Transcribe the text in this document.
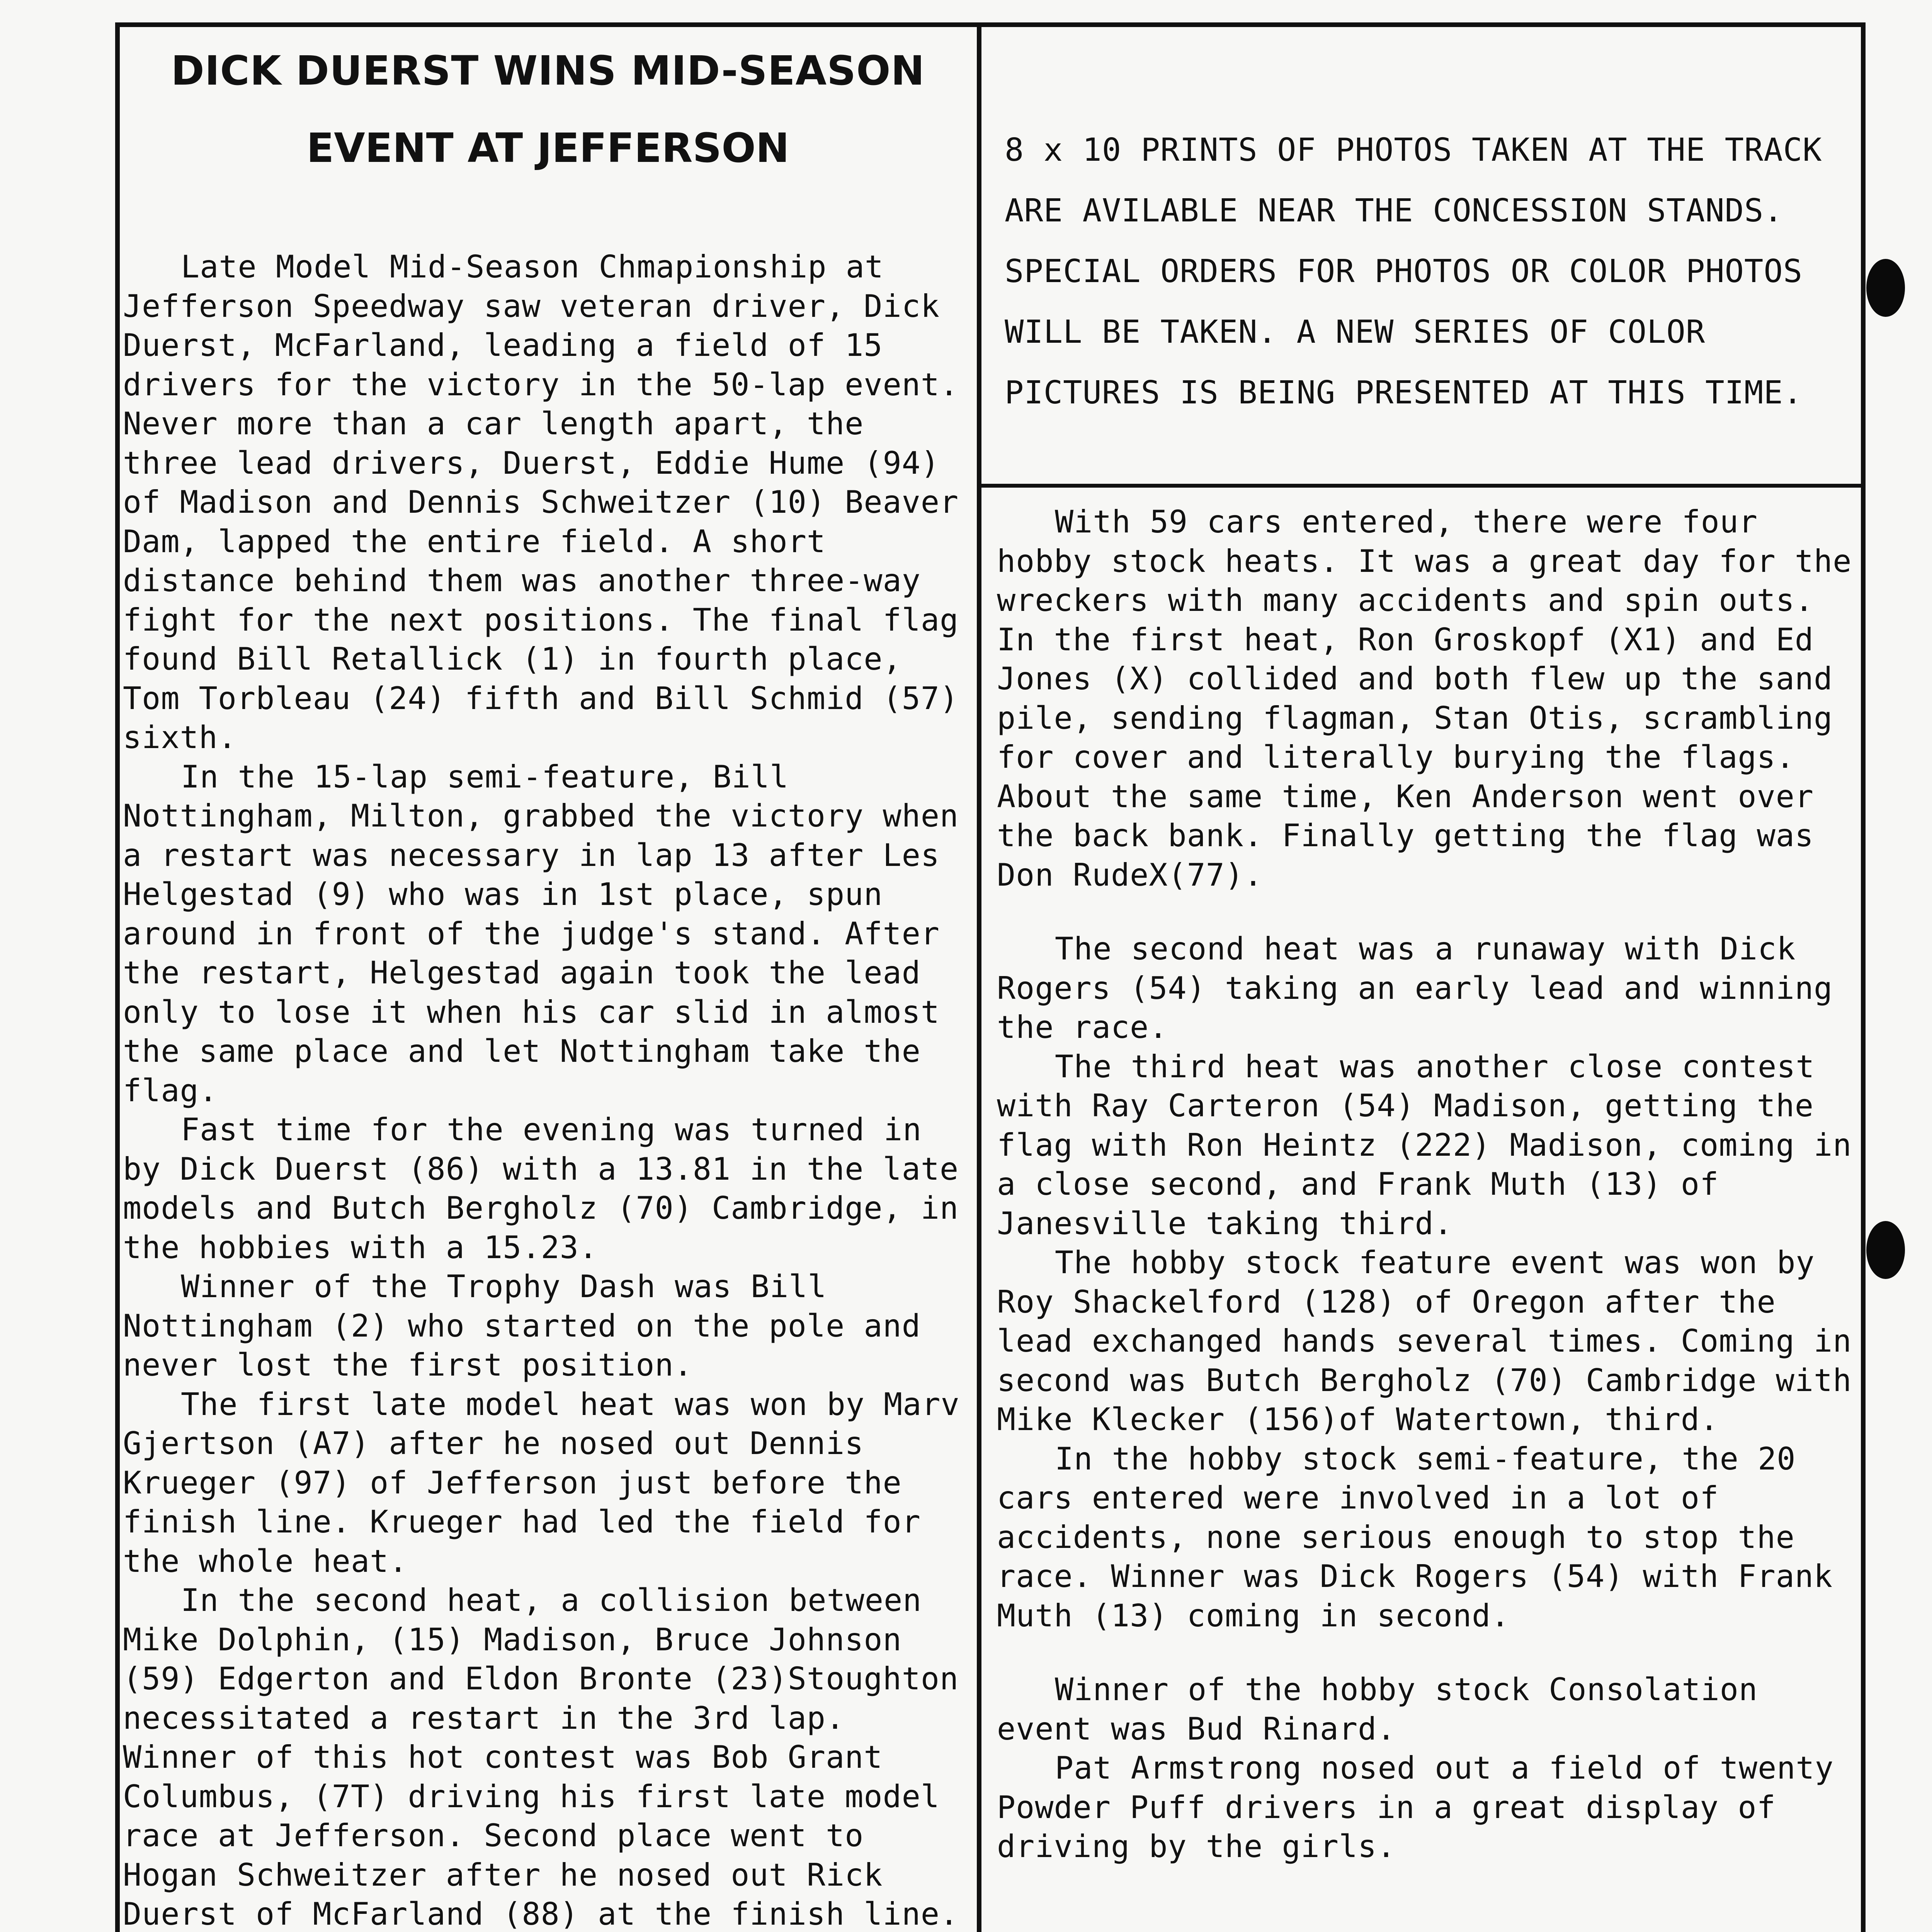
DICK DUERST WINS MID-SEASON
EVENT AT JEFFERSON

Late Model Mid-Season Chmapionship at Jefferson Speedway saw veteran driver, Dick Duerst, McFarland, leading a field of 15 drivers for the victory in the 50-lap event. Never more than a car length apart, the three lead drivers, Duerst, Eddie Hume (94) of Madison and Dennis Schweitzer (10) Beaver Dam, lapped the entire field. A short distance behind them was another three-way fight for the next positions. The final flag found Bill Retallick (1) in fourth place, Tom Torbleau (24) fifth and Bill Schmid (57) sixth.

In the 15-lap semi-feature, Bill Nottingham, Milton, grabbed the victory when a restart was necessary in lap 13 after Les Helgestad (9) who was in 1st place, spun around in front of the judge's stand. After the restart, Helgestad again took the lead only to lose it when his car slid in almost the same place and let Nottingham take the flag.

Fast time for the evening was turned in by Dick Duerst (86) with a 13.81 in the late models and Butch Bergholz (70) Cambridge, in the hobbies with a 15.23.

Winner of the Trophy Dash was Bill Nottingham (2) who started on the pole and never lost the first position.

The first late model heat was won by Marv Gjertson (A7) after he nosed out Dennis Krueger (97) of Jefferson just before the finish line. Krueger had led the field for the whole heat.

In the second heat, a collision between Mike Dolphin, (15) Madison, Bruce Johnson (59) Edgerton and Eldon Bronte (23)Stoughton necessitated a restart in the 3rd lap. Winner of this hot contest was Bob Grant Columbus, (7T) driving his first late model race at Jefferson. Second place went to Hogan Schweitzer after he nosed out Rick Duerst of McFarland (88) at the finish line.

8 x 10 PRINTS OF PHOTOS TAKEN AT THE TRACK

ARE AVILABLE NEAR THE CONCESSION STANDS.

SPECIAL ORDERS FOR PHOTOS OR COLOR PHOTOS

WILL BE TAKEN. A NEW SERIES OF COLOR

PICTURES IS BEING PRESENTED AT THIS TIME.

With 59 cars entered, there were four hobby stock heats. It was a great day for the wreckers with many accidents and spin outs. In the first heat, Ron Groskopf (X1) and Ed Jones (X) collided and both flew up the sand pile, sending flagman, Stan Otis, scrambling for cover and literally burying the flags. About the same time, Ken Anderson went over the back bank. Finally getting the flag was Don RudeX(77).

The second heat was a runaway with Dick Rogers (54) taking an early lead and winning the race.

The third heat was another close contest with Ray Carteron (54) Madison, getting the flag with Ron Heintz (222) Madison, coming in a close second, and Frank Muth (13) of Janesville taking third.

The hobby stock feature event was won by Roy Shackelford (128) of Oregon after the lead exchanged hands several times. Coming in second was Butch Bergholz (70) Cambridge with Mike Klecker (156)of Watertown, third.

In the hobby stock semi-feature, the 20 cars entered were involved in a lot of accidents, none serious enough to stop the race. Winner was Dick Rogers (54) with Frank Muth (13) coming in second.

Winner of the hobby stock Consolation event was Bud Rinard.

Pat Armstrong nosed out a field of twenty Powder Puff drivers in a great display of driving by the girls.
